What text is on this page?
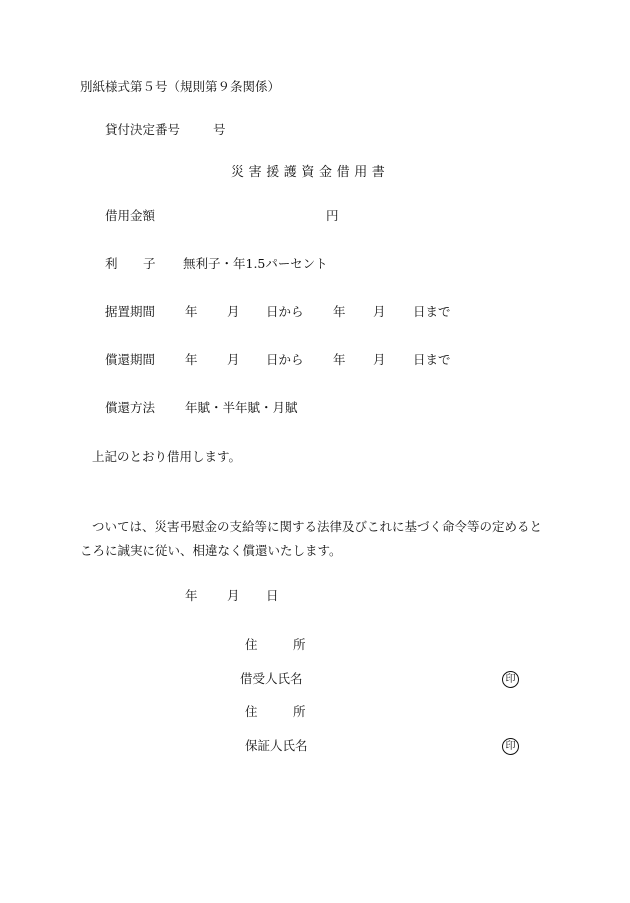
別紙様式第５号（規則第９条関係）
貸付決定番号	号
災害援護資金借用書
借用金額	円
利 子 無利子・年1.5パーセント
据置期間 年 月 日から 年 月 日まで
償還期間 年 月 日から 年 月 日まで
償還方法 年賦・半年賦・月賦
上記のとおり借用します。
ついては、災害弔慰金の支給等に関する法律及びこれに基づく命令等の定めるところに誠実に従い、相違なく償還いたします。
年 月 日
住	所
借受人氏名	印
住	所
保証人氏名	印
